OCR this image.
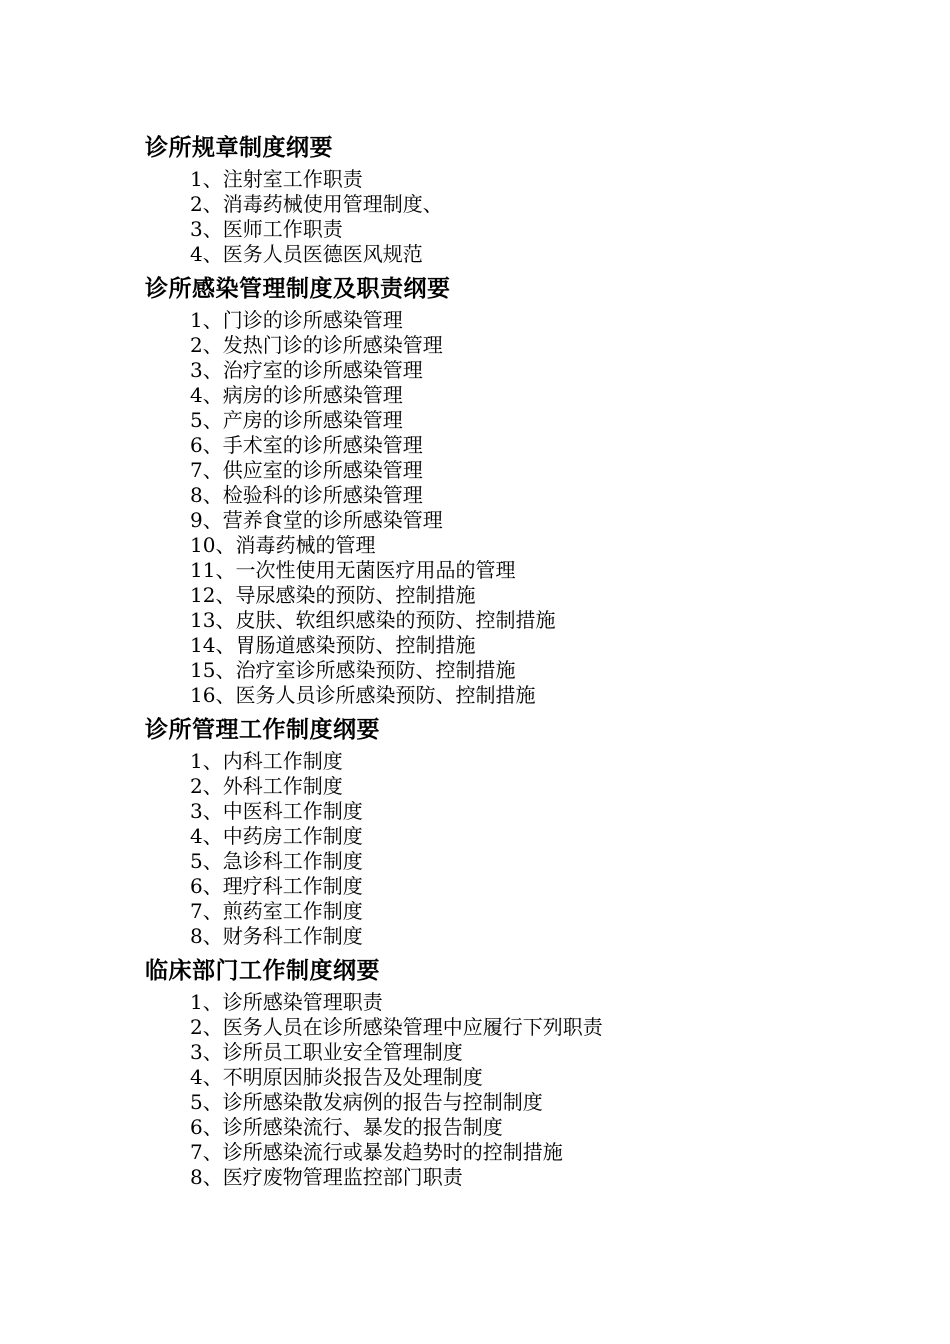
诊所规章制度纲要
1、注射室工作职责
2、消毒药械使用管理制度、
3、医师工作职责
4、医务人员医德医风规范
诊所感染管理制度及职责纲要
1、门诊的诊所感染管理
2、发热门诊的诊所感染管理
3、治疗室的诊所感染管理
4、病房的诊所感染管理
5、产房的诊所感染管理
6、手术室的诊所感染管理
7、供应室的诊所感染管理
8、检验科的诊所感染管理
9、营养食堂的诊所感染管理
10、消毒药械的管理
11、一次性使用无菌医疗用品的管理
12、导尿感染的预防、控制措施
13、皮肤、软组织感染的预防、控制措施
14、胃肠道感染预防、控制措施
15、治疗室诊所感染预防、控制措施
16、医务人员诊所感染预防、控制措施
诊所管理工作制度纲要
1、内科工作制度
2、外科工作制度
3、中医科工作制度
4、中药房工作制度
5、急诊科工作制度
6、理疗科工作制度
7、煎药室工作制度
8、财务科工作制度
临床部门工作制度纲要
1、诊所感染管理职责
2、医务人员在诊所感染管理中应履行下列职责
3、诊所员工职业安全管理制度
4、不明原因肺炎报告及处理制度
5、诊所感染散发病例的报告与控制制度
6、诊所感染流行、暴发的报告制度
7、诊所感染流行或暴发趋势时的控制措施
8、医疗废物管理监控部门职责
